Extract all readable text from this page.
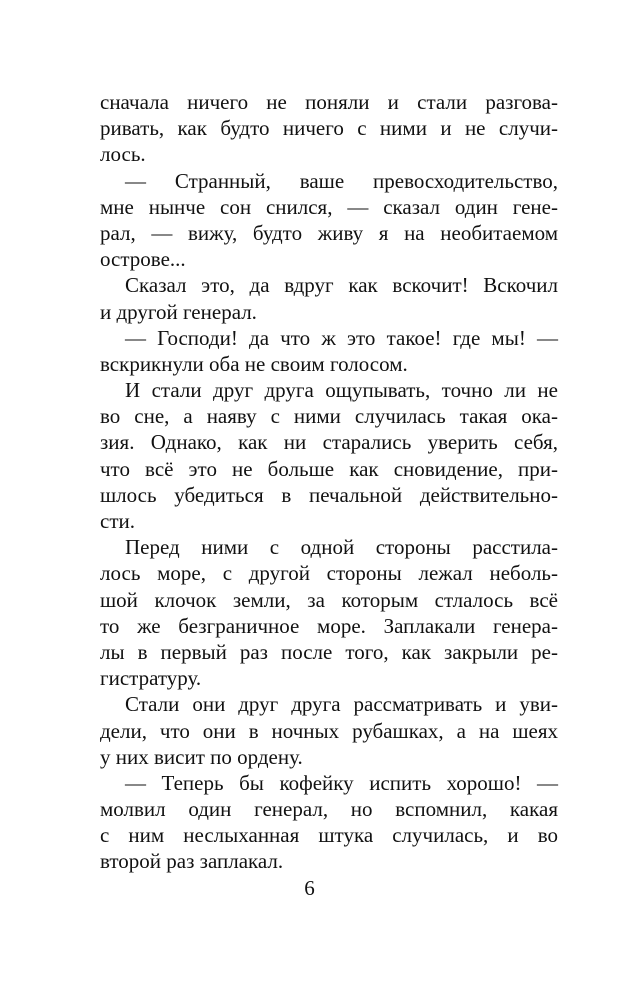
сначала ничего не поняли и стали разгова-
ривать, как будто ничего с ними и не случи-
лось.
— Странный, ваше превосходительство,
мне нынче сон снился, — сказал один гене-
рал, — вижу, будто живу я на необитаемом
острове...
Сказал это, да вдруг как вскочит! Вскочил
и другой генерал.
— Господи! да что ж это такое! где мы! —
вскрикнули оба не своим голосом.
И стали друг друга ощупывать, точно ли не
во сне, а наяву с ними случилась такая ока-
зия. Однако, как ни старались уверить себя,
что всё это не больше как сновидение, при-
шлось убедиться в печальной действительно-
сти.
Перед ними с одной стороны расстила-
лось море, с другой стороны лежал неболь-
шой клочок земли, за которым стлалось всё
то же безграничное море. Заплакали генера-
лы в первый раз после того, как закрыли ре-
гистратуру.
Стали они друг друга рассматривать и уви-
дели, что они в ночных рубашках, а на шеях
у них висит по ордену.
— Теперь бы кофейку испить хорошо! —
молвил один генерал, но вспомнил, какая
с ним неслыханная штука случилась, и во
второй раз заплакал.
6
